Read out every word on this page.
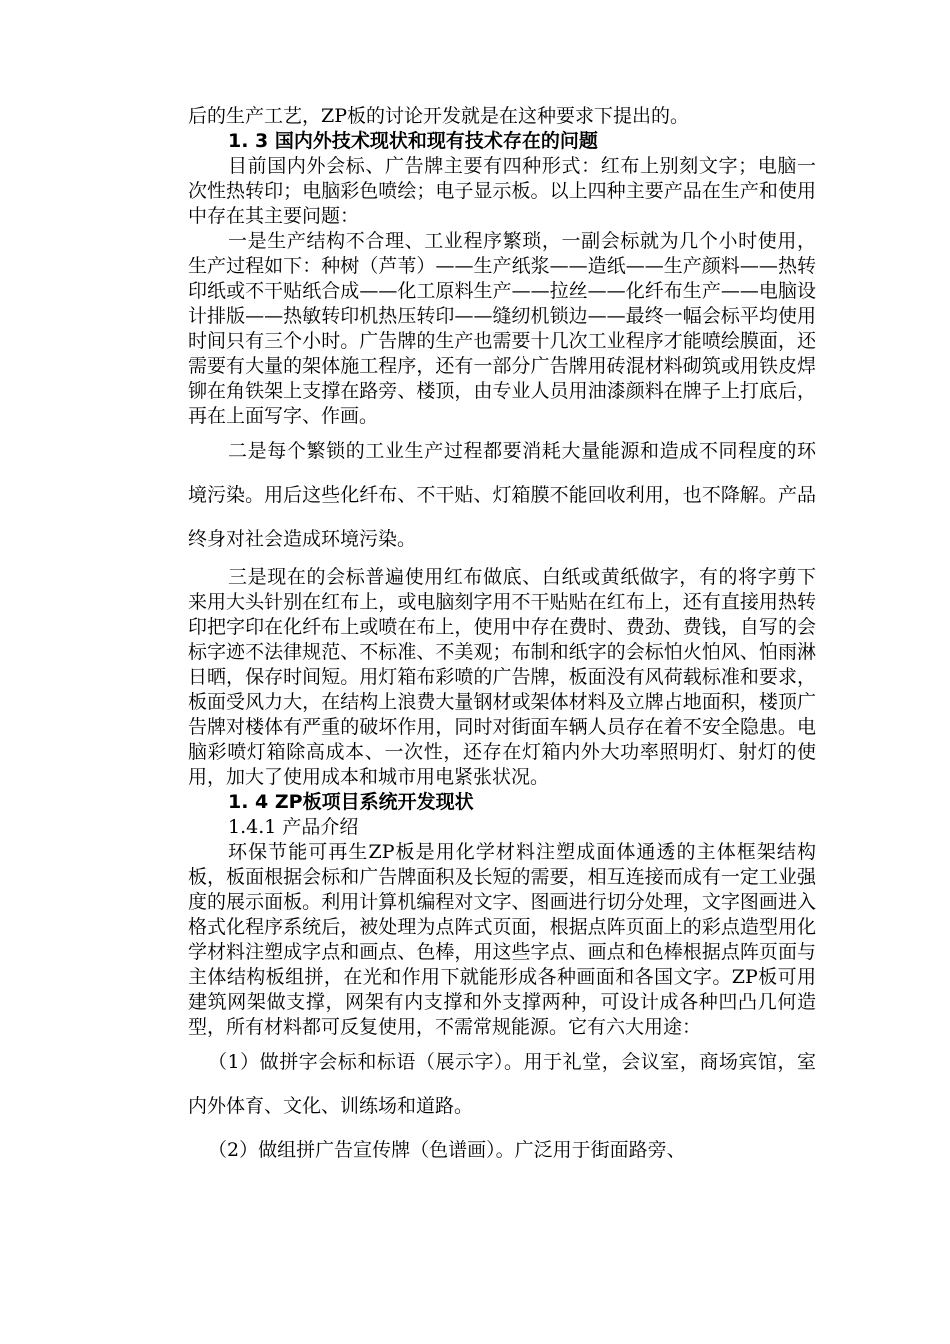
后的生产工艺，ZP板的讨论开发就是在这种要求下提出的。

1. 3 国内外技术现状和现有技术存在的问题

目前国内外会标、广告牌主要有四种形式：红布上别刻文字；电脑一次性热转印；电脑彩色喷绘；电子显示板。以上四种主要产品在生产和使用中存在其主要问题：

一是生产结构不合理、工业程序繁琐，一副会标就为几个小时使用，生产过程如下：种树（芦苇）——生产纸浆——造纸——生产颜料——热转印纸或不干贴纸合成——化工原料生产——拉丝——化纤布生产——电脑设计排版——热敏转印机热压转印——缝纫机锁边——最终一幅会标平均使用时间只有三个小时。广告牌的生产也需要十几次工业程序才能喷绘膜面，还需要有大量的架体施工程序，还有一部分广告牌用砖混材料砌筑或用铁皮焊铆在角铁架上支撑在路旁、楼顶，由专业人员用油漆颜料在牌子上打底后，再在上面写字、作画。

二是每个繁锁的工业生产过程都要消耗大量能源和造成不同程度的环境污染。用后这些化纤布、不干贴、灯箱膜不能回收利用，也不降解。产品终身对社会造成环境污染。

三是现在的会标普遍使用红布做底、白纸或黄纸做字，有的将字剪下来用大头针别在红布上，或电脑刻字用不干贴贴在红布上，还有直接用热转印把字印在化纤布上或喷在布上，使用中存在费时、费劲、费钱，自写的会标字迹不法律规范、不标准、不美观；布制和纸字的会标怕火怕风、怕雨淋日晒，保存时间短。用灯箱布彩喷的广告牌，板面没有风荷载标准和要求，板面受风力大，在结构上浪费大量钢材或架体材料及立牌占地面积，楼顶广告牌对楼体有严重的破坏作用，同时对街面车辆人员存在着不安全隐患。电脑彩喷灯箱除高成本、一次性，还存在灯箱内外大功率照明灯、射灯的使用，加大了使用成本和城市用电紧张状况。

1. 4 ZP板项目系统开发现状

1.4.1 产品介绍

环保节能可再生ZP板是用化学材料注塑成面体通透的主体框架结构板，板面根据会标和广告牌面积及长短的需要，相互连接而成有一定工业强度的展示面板。利用计算机编程对文字、图画进行切分处理，文字图画进入格式化程序系统后，被处理为点阵式页面，根据点阵页面上的彩点造型用化学材料注塑成字点和画点、色棒，用这些字点、画点和色棒根据点阵页面与主体结构板组拼，在光和作用下就能形成各种画面和各国文字。ZP板可用建筑网架做支撑，网架有内支撑和外支撑两种，可设计成各种凹凸几何造型，所有材料都可反复使用，不需常规能源。它有六大用途：

（1）做拼字会标和标语（展示字）。用于礼堂，会议室，商场宾馆，室内外体育、文化、训练场和道路。

（2）做组拼广告宣传牌（色谱画）。广泛用于街面路旁、
